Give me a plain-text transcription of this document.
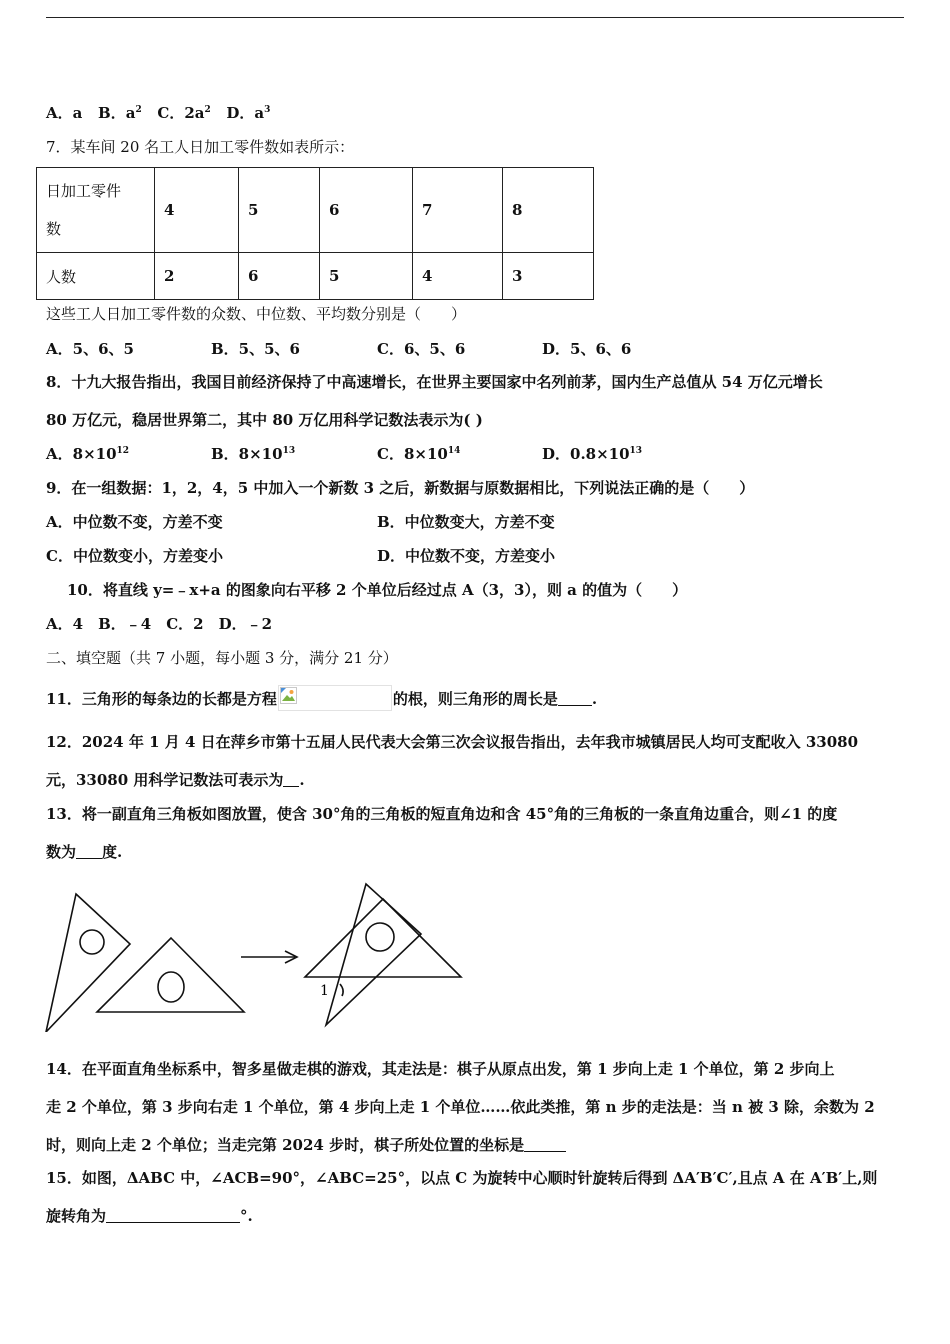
A．a B．$a^2$ C．$2a^2$ D．$a^3$
7．某车间 20 名工人日加工零件数如表所示：
日加工零件
数	4	5	6	7	8
人数	2	6	5	4	3
这些工人日加工零件数的众数、中位数、平均数分别是（　　）
A．5、6、5	B．5、5、6	C．6、5、6	D．5、6、6
8．十九大报告指出，我国目前经济保持了中高速增长，在世界主要国家中名列前茅，国内生产总值从 54 万亿元增长
80 万亿元，稳居世界第二，其中 80 万亿用科学记数法表示为( )
A．$8\times 10^{12}$	B．$8\times 10^{13}$	C．$8\times 10^{14}$	D．$0.8\times 10^{13}$
9．在一组数据：1，2，4，5 中加入一个新数 3 之后，新数据与原数据相比，下列说法正确的是（　　）
A．中位数不变，方差不变	B．中位数变大，方差不变
C．中位数变小，方差变小	D．中位数不变，方差变小
10．将直线 y=﹣x+a 的图象向右平移 2 个单位后经过点 A（3，3），则 a 的值为（　　）
A．4　B．﹣4　C．2　D．﹣2
二、填空题（共 7 小题，每小题 3 分，满分 21 分）
11．三角形的每条边的长都是方程	的根，则三角形的周长是 .
12．2024 年 1 月 4 日在萍乡市第十五届人民代表大会第三次会议报告指出，去年我市城镇居民人均可支配收入 33080
元，33080 用科学记数法可表示为 .
13．将一副直角三角板如图放置，使含 30°角的三角板的短直角边和含 45°角的三角板的一条直角边重合，则∠1 的度
数为 度.
1
14．在平面直角坐标系中，智多星做走棋的游戏，其走法是：棋子从原点出发，第 1 步向上走 1 个单位，第 2 步向上
走 2 个单位，第 3 步向右走 1 个单位，第 4 步向上走 1 个单位……依此类推，第 n 步的走法是：当 n 被 3 除，余数为 2
时，则向上走 2 个单位；当走完第 2024 步时，棋子所处位置的坐标是
15．如图，ΔABC 中，∠ACB=90°，∠ABC=25°，以点 C 为旋转中心顺时针旋转后得到 ΔA′B′C′,且点 A 在 A′B′上,则
旋转角为	°.
